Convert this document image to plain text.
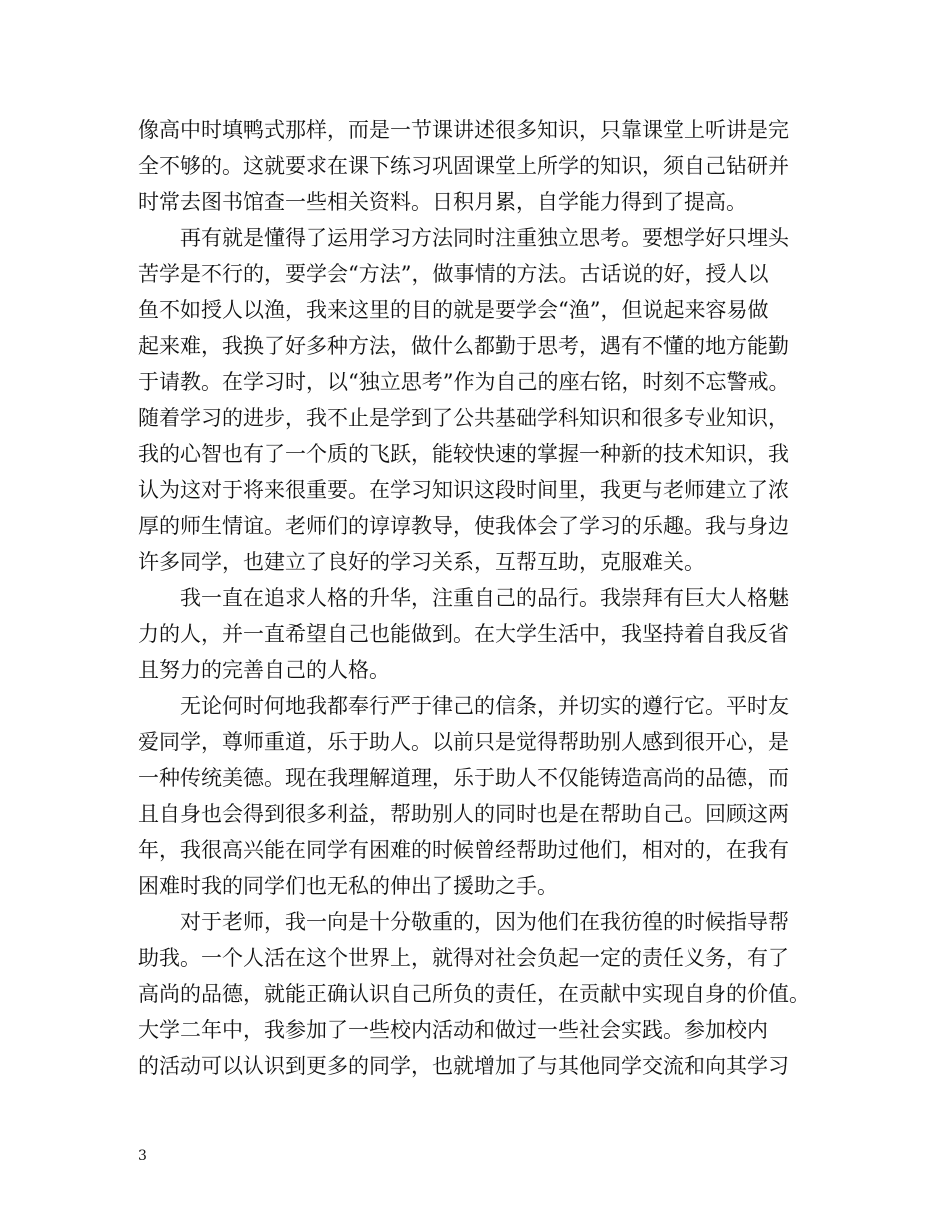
像高中时填鸭式那样，而是一节课讲述很多知识，只靠课堂上听讲是完
全不够的。这就要求在课下练习巩固课堂上所学的知识，须自己钻研并
时常去图书馆查一些相关资料。日积月累，自学能力得到了提高。
　　再有就是懂得了运用学习方法同时注重独立思考。要想学好只埋头
苦学是不行的，要学会“方法”，做事情的方法。古话说的好，授人以
鱼不如授人以渔，我来这里的目的就是要学会“渔”，但说起来容易做
起来难，我换了好多种方法，做什么都勤于思考，遇有不懂的地方能勤
于请教。在学习时，以“独立思考”作为自己的座右铭，时刻不忘警戒。
随着学习的进步，我不止是学到了公共基础学科知识和很多专业知识，
我的心智也有了一个质的飞跃，能较快速的掌握一种新的技术知识，我
认为这对于将来很重要。在学习知识这段时间里，我更与老师建立了浓
厚的师生情谊。老师们的谆谆教导，使我体会了学习的乐趣。我与身边
许多同学，也建立了良好的学习关系，互帮互助，克服难关。
　　我一直在追求人格的升华，注重自己的品行。我崇拜有巨大人格魅
力的人，并一直希望自己也能做到。在大学生活中，我坚持着自我反省
且努力的完善自己的人格。
　　无论何时何地我都奉行严于律己的信条，并切实的遵行它。平时友
爱同学，尊师重道，乐于助人。以前只是觉得帮助别人感到很开心，是
一种传统美德。现在我理解道理，乐于助人不仅能铸造高尚的品德，而
且自身也会得到很多利益，帮助别人的同时也是在帮助自己。回顾这两
年，我很高兴能在同学有困难的时候曾经帮助过他们，相对的，在我有
困难时我的同学们也无私的伸出了援助之手。
　　对于老师，我一向是十分敬重的，因为他们在我彷徨的时候指导帮
助我。一个人活在这个世界上，就得对社会负起一定的责任义务，有了
高尚的品德，就能正确认识自己所负的责任，在贡献中实现自身的价值。
大学二年中，我参加了一些校内活动和做过一些社会实践。参加校内
的活动可以认识到更多的同学，也就增加了与其他同学交流和向其学习
3
